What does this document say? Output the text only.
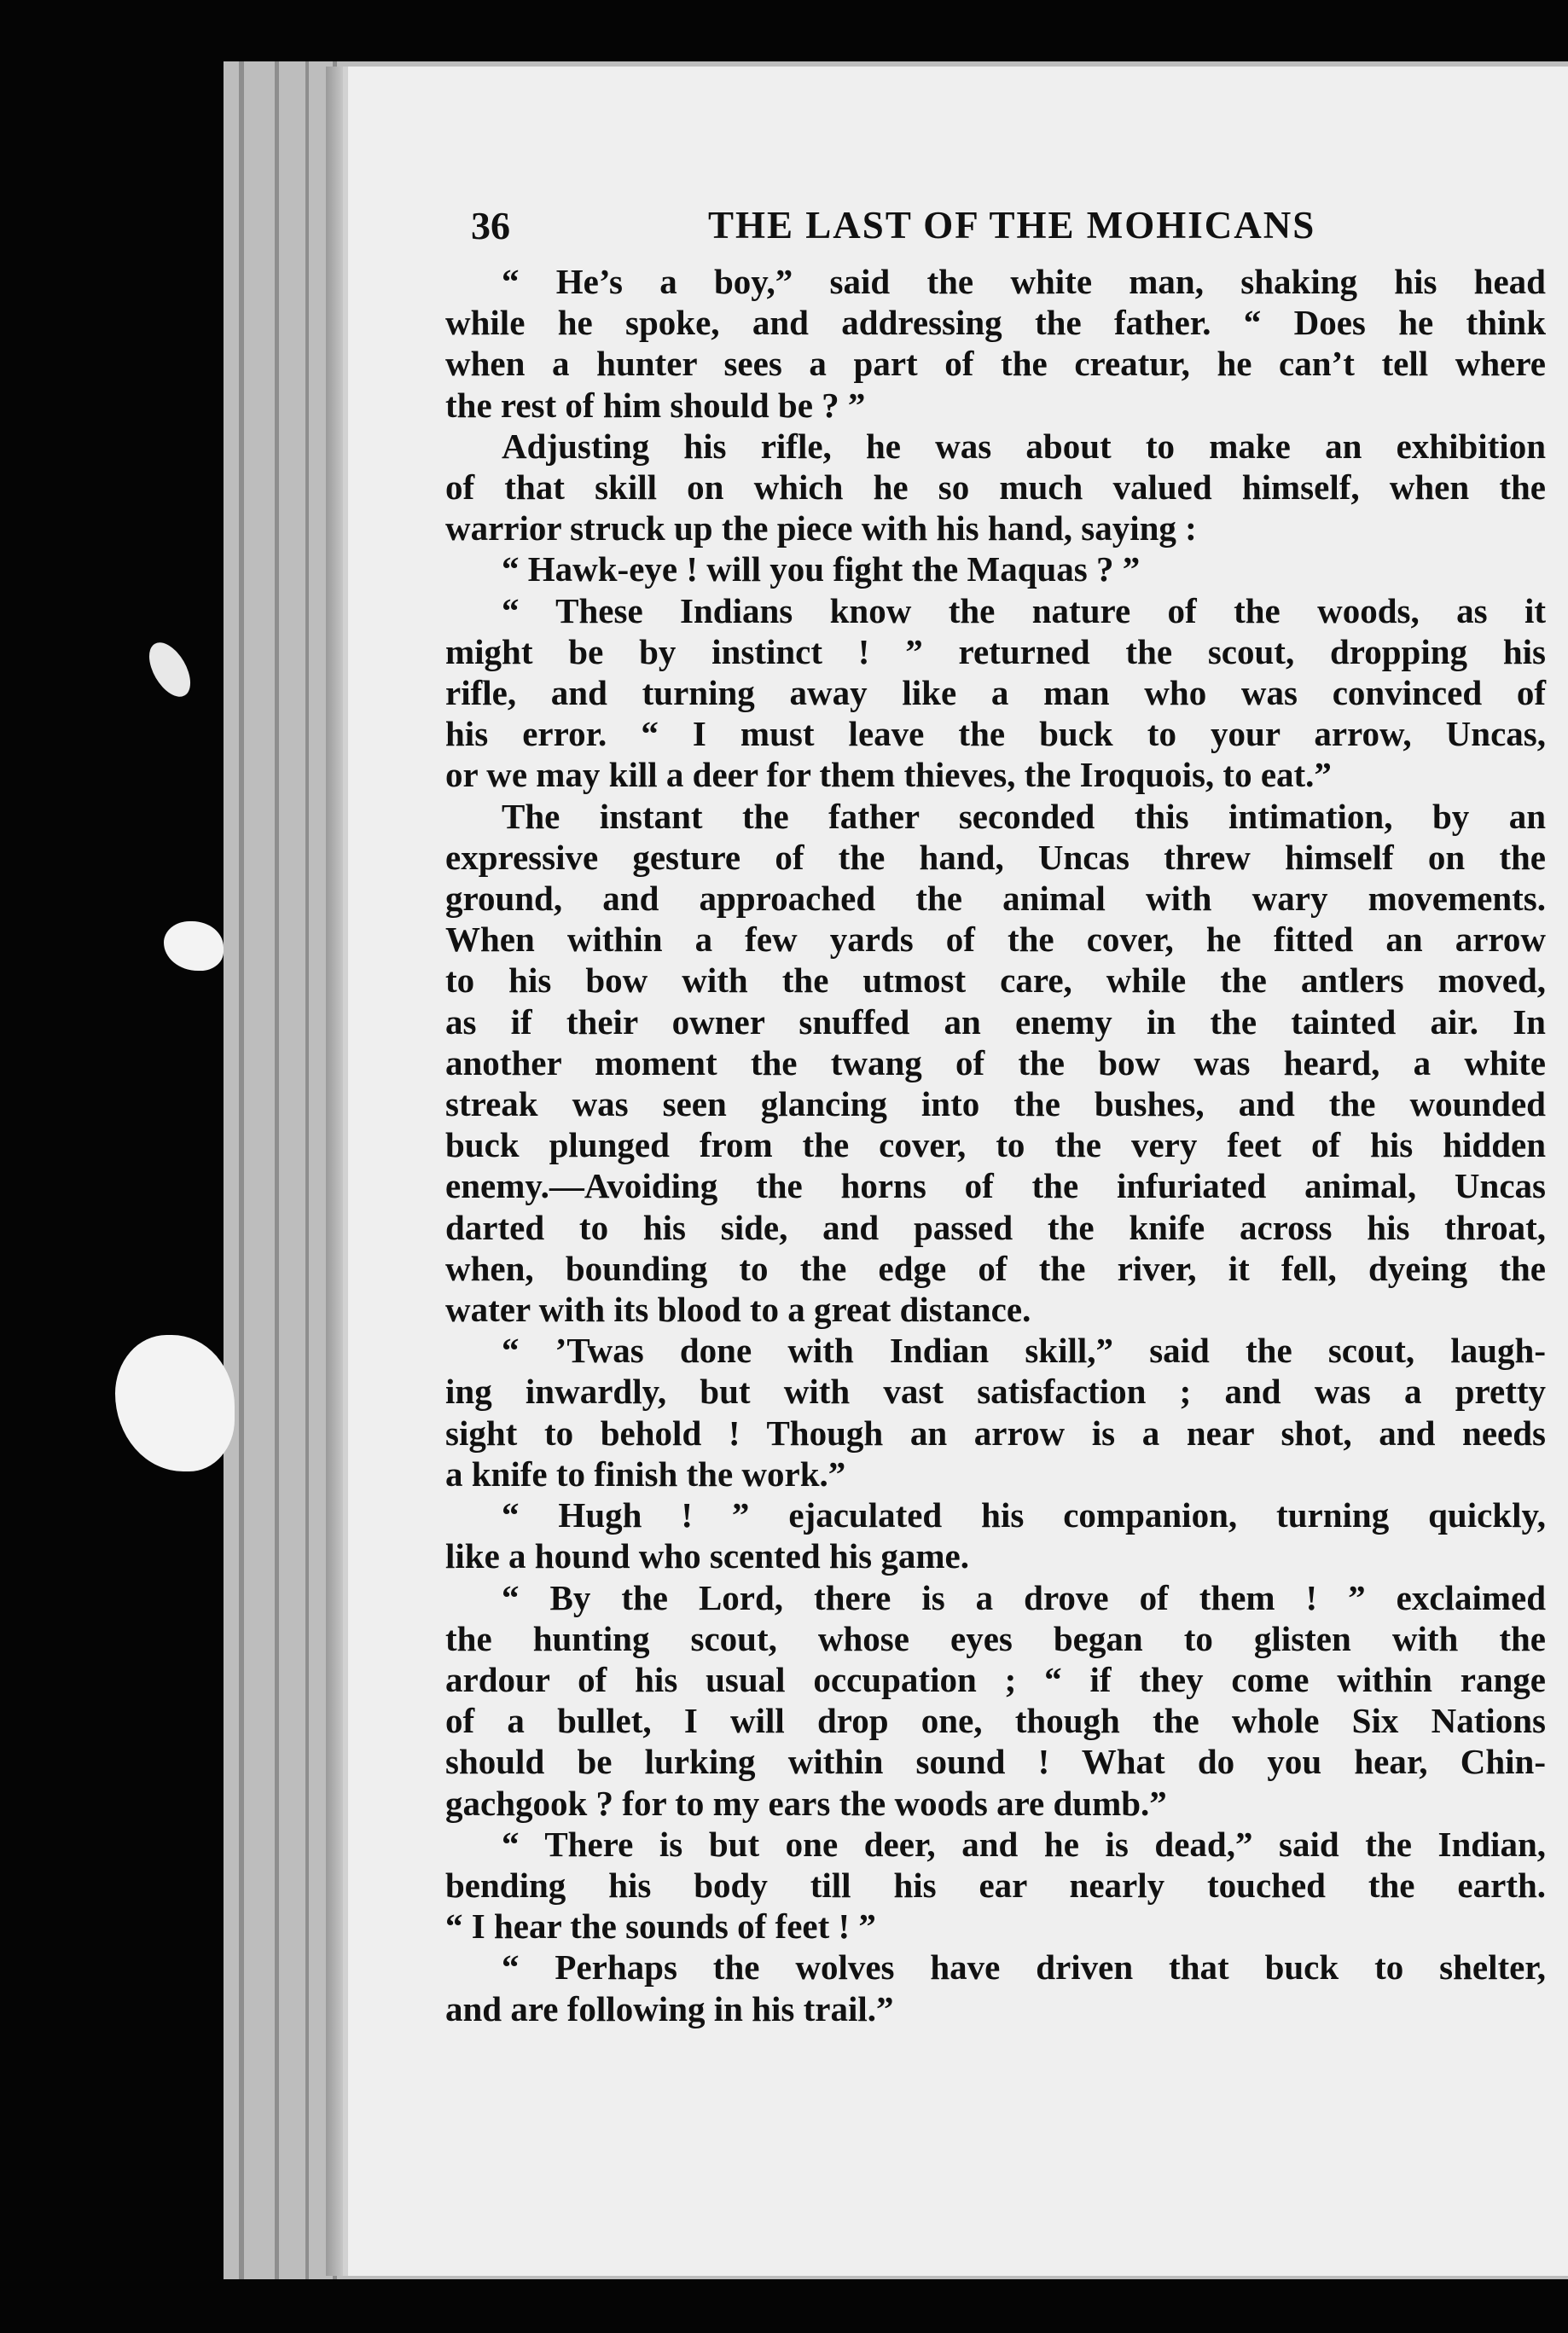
36	THE LAST OF THE MOHICANS

“ He’s a boy,” said the white man, shaking his head
while he spoke, and addressing the father. “ Does he think
when a hunter sees a part of the creatur, he can’t tell where
the rest of him should be ? ”

Adjusting his rifle, he was about to make an exhibition
of that skill on which he so much valued himself, when the
warrior struck up the piece with his hand, saying :

“ Hawk-eye ! will you fight the Maquas ? ”

“ These Indians know the nature of the woods, as it
might be by instinct ! ” returned the scout, dropping his
rifle, and turning away like a man who was convinced of
his error. “ I must leave the buck to your arrow, Uncas,
or we may kill a deer for them thieves, the Iroquois, to eat.”

The instant the father seconded this intimation, by an
expressive gesture of the hand, Uncas threw himself on the
ground, and approached the animal with wary movements.
When within a few yards of the cover, he fitted an arrow
to his bow with the utmost care, while the antlers moved,
as if their owner snuffed an enemy in the tainted air. In
another moment the twang of the bow was heard, a white
streak was seen glancing into the bushes, and the wounded
buck plunged from the cover, to the very feet of his hidden
enemy.—Avoiding the horns of the infuriated animal, Uncas
darted to his side, and passed the knife across his throat,
when, bounding to the edge of the river, it fell, dyeing the
water with its blood to a great distance.

“ ’Twas done with Indian skill,” said the scout, laugh-
ing inwardly, but with vast satisfaction ; and was a pretty
sight to behold ! Though an arrow is a near shot, and needs
a knife to finish the work.”

“ Hugh ! ” ejaculated his companion, turning quickly,
like a hound who scented his game.

“ By the Lord, there is a drove of them ! ” exclaimed
the hunting scout, whose eyes began to glisten with the
ardour of his usual occupation ; “ if they come within range
of a bullet, I will drop one, though the whole Six Nations
should be lurking within sound ! What do you hear, Chin-
gachgook ? for to my ears the woods are dumb.”

“ There is but one deer, and he is dead,” said the Indian,
bending his body till his ear nearly touched the earth.
“ I hear the sounds of feet ! ”

“ Perhaps the wolves have driven that buck to shelter,
and are following in his trail.”
